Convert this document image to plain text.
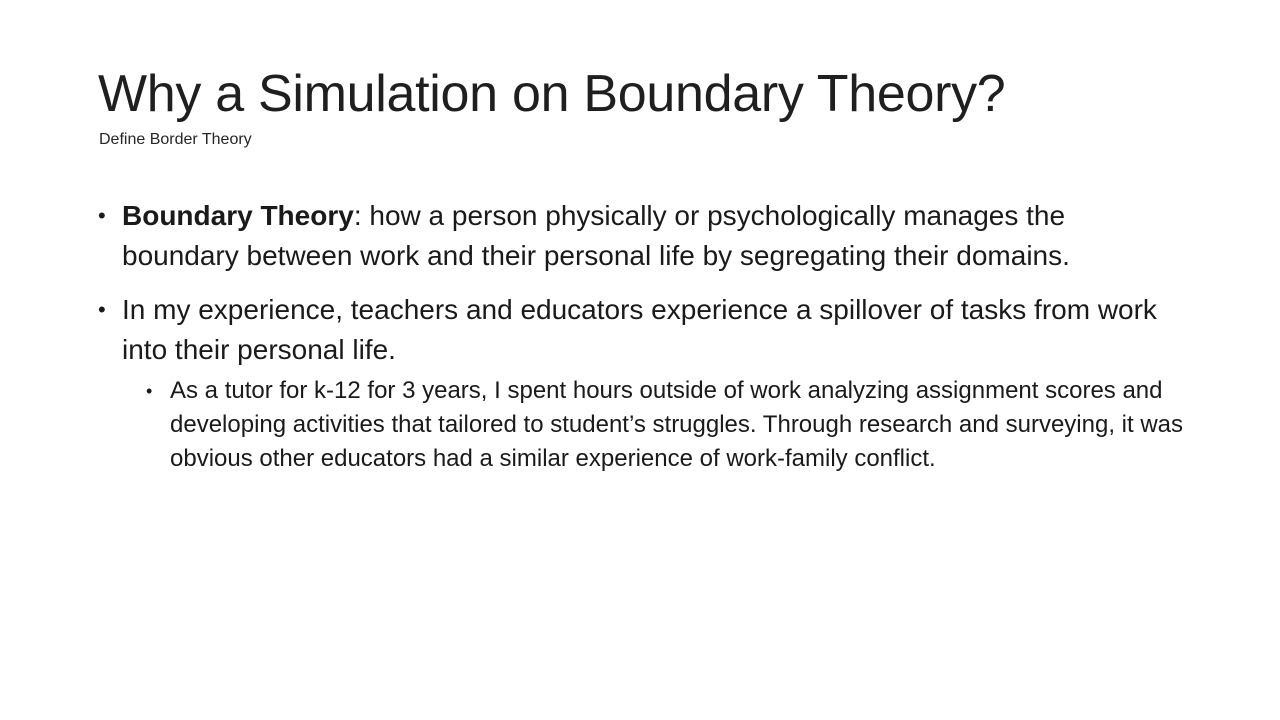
Why a Simulation on Boundary Theory?

Define Border Theory

• Boundary Theory: how a person physically or psychologically manages the boundary between work and their personal life by segregating their domains.

• In my experience, teachers and educators experience a spillover of tasks from work into their personal life.

• As a tutor for k-12 for 3 years, I spent hours outside of work analyzing assignment scores and developing activities that tailored to student’s struggles. Through research and surveying, it was obvious other educators had a similar experience of work-family conflict.
